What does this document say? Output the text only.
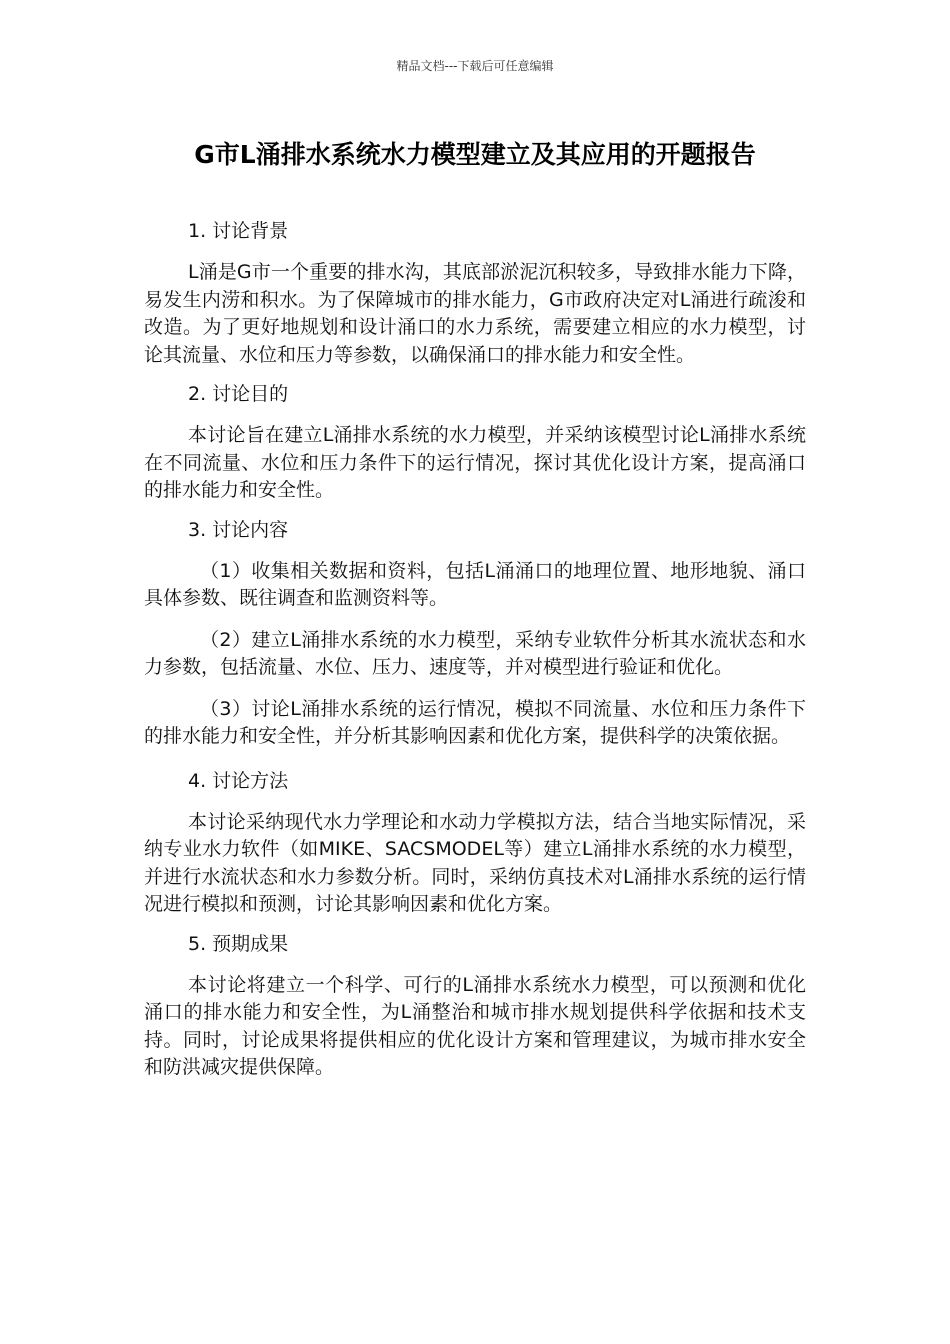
精品文档---下载后可任意编辑
G市L涌排水系统水力模型建立及其应用的开题报告
1. 讨论背景

L涌是G市一个重要的排水沟，其底部淤泥沉积较多，导致排水能力下降，易发生内涝和积水。为了保障城市的排水能力，G市政府决定对L涌进行疏浚和改造。为了更好地规划和设计涌口的水力系统，需要建立相应的水力模型，讨论其流量、水位和压力等参数，以确保涌口的排水能力和安全性。

2. 讨论目的

本讨论旨在建立L涌排水系统的水力模型，并采纳该模型讨论L涌排水系统在不同流量、水位和压力条件下的运行情况，探讨其优化设计方案，提高涌口的排水能力和安全性。

3. 讨论内容

（1）收集相关数据和资料，包括L涌涌口的地理位置、地形地貌、涌口具体参数、既往调查和监测资料等。

（2）建立L涌排水系统的水力模型，采纳专业软件分析其水流状态和水力参数，包括流量、水位、压力、速度等，并对模型进行验证和优化。

（3）讨论L涌排水系统的运行情况，模拟不同流量、水位和压力条件下的排水能力和安全性，并分析其影响因素和优化方案，提供科学的决策依据。

4. 讨论方法

本讨论采纳现代水力学理论和水动力学模拟方法，结合当地实际情况，采纳专业水力软件（如MIKE、SACSMODEL等）建立L涌排水系统的水力模型，并进行水流状态和水力参数分析。同时，采纳仿真技术对L涌排水系统的运行情况进行模拟和预测，讨论其影响因素和优化方案。

5. 预期成果

本讨论将建立一个科学、可行的L涌排水系统水力模型，可以预测和优化涌口的排水能力和安全性，为L涌整治和城市排水规划提供科学依据和技术支持。同时，讨论成果将提供相应的优化设计方案和管理建议，为城市排水安全和防洪减灾提供保障。
